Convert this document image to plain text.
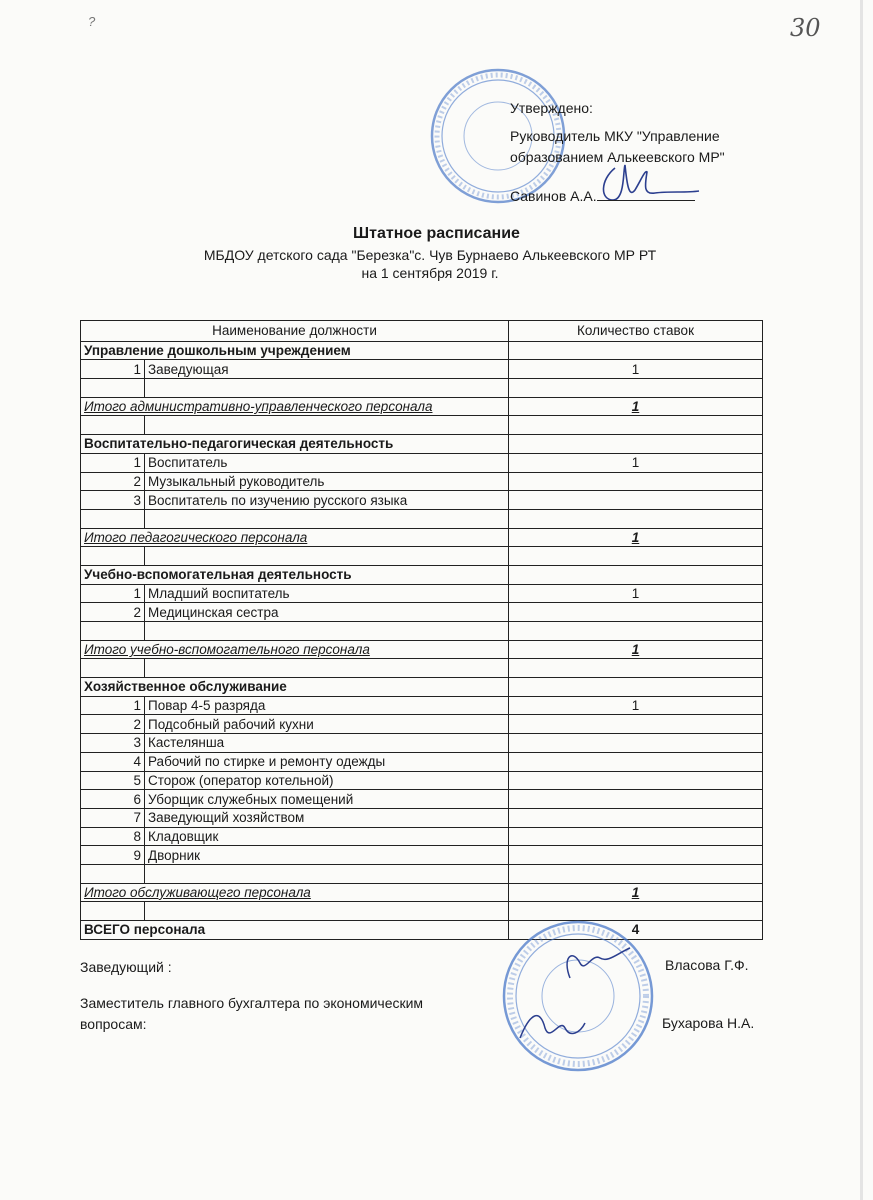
?	30
Утверждено:
Руководитель МКУ "Управление
образованием Алькеевского МР"
Савинов А.А.
Штатное расписание
МБДОУ детского сада "Березка"с. Чув Бурнаево Алькеевского МР РТ
на 1 сентября 2019 г.
Наименование должности		Количество ставок
Управление дошкольным учреждением		
1	Заведующая	1

Итого административно-управленческого персонала		1

Воспитательно-педагогическая деятельность		
1	Воспитатель	1
2	Музыкальный руководитель	
3	Воспитатель по изучению русского языка	

Итого педагогического персонала		1

Учебно-вспомогательная деятельность		
1	Младший воспитатель	1
2	Медицинская сестра	

Итого учебно-вспомогательного персонала		1

Хозяйственное обслуживание		
1	Повар 4-5 разряда	1
2	Подсобный рабочий кухни	
3	Кастелянша	
4	Рабочий по стирке и ремонту одежды	
5	Сторож (оператор котельной)	
6	Уборщик служебных помещений	
7	Заведующий хозяйством	
8	Кладовщик	
9	Дворник	

Итого обслуживающего персонала		1

ВСЕГО персонала		4
Заведующий :	Власова Г.Ф.
Заместитель главного бухгалтера по экономическим
вопросам:	Бухарова Н.А.
